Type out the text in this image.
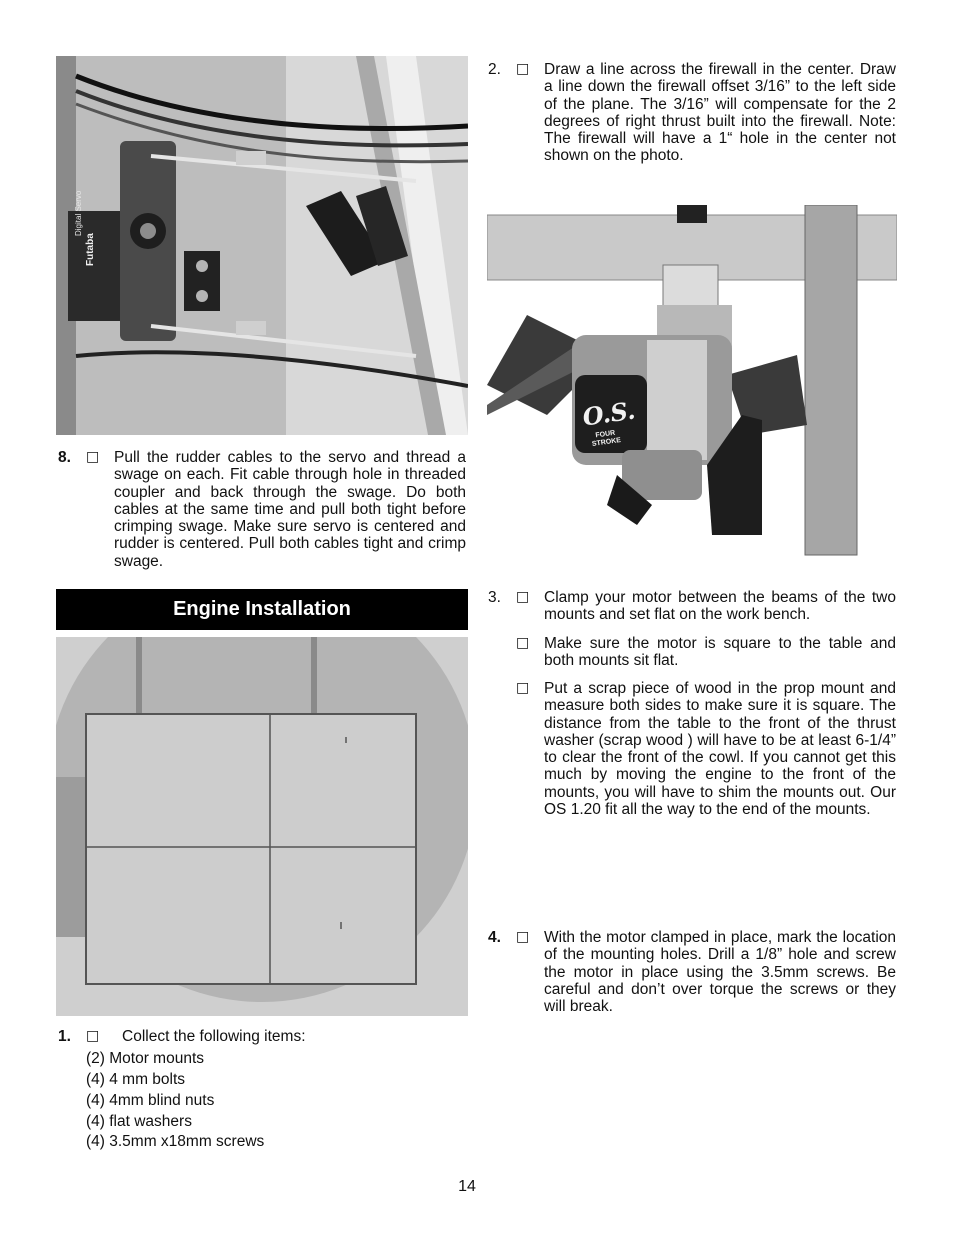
Digital Servo
Futaba
8. □ Pull the rudder cables to the servo and thread a swage on each. Fit cable through hole in threaded coupler and back through the swage. Do both cables at the same time and pull both tight before crimping swage. Make sure servo is centered and rudder is centered. Pull both cables tight and crimp swage.
Engine Installation
1. □ Collect the following items:
(2) Motor mounts
(4) 4 mm bolts
(4) 4mm blind nuts
(4) flat washers
(4) 3.5mm x18mm screws
2. □ Draw a line across the firewall in the center. Draw a line down the firewall offset 3/16” to the left side of the plane. The 3/16” will compensate for the 2 degrees of right thrust built into the firewall. Note: The firewall will have a 1“ hole in the center not shown on the photo.
O.S.
FOUR STROKE
3. □ Clamp your motor between the beams of the two mounts and set flat on the work bench.
□ Make sure the motor is square to the table and both mounts sit flat.
□ Put a scrap piece of wood in the prop mount and measure both sides to make sure it is square. The distance from the table to the front of the thrust washer (scrap wood ) will have to be at least 6-1/4” to clear the front of the cowl. If you cannot get this much by moving the engine to the front of the mounts, you will have to shim the mounts out. Our OS 1.20 fit all the way to the end of the mounts.
4. □ With the motor clamped in place, mark the location of the mounting holes. Drill a 1/8” hole and screw the motor in place using the 3.5mm screws. Be careful and don’t over torque the screws or they will break.
14
